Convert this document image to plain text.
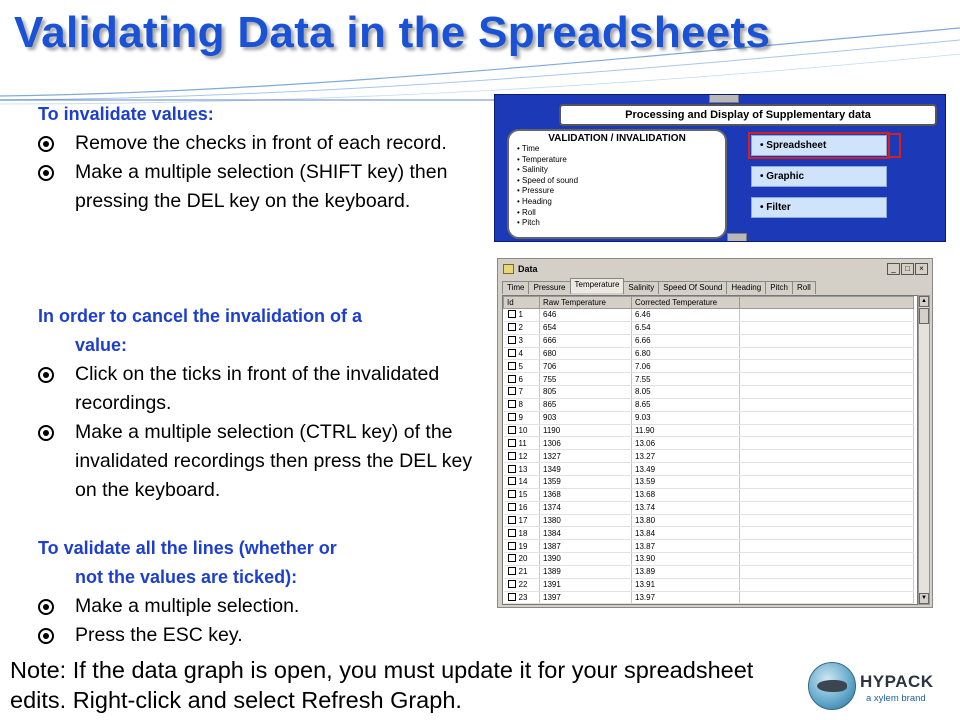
Validating Data in the Spreadsheets
To invalidate values:
Remove the checks in front of each record.
Make a multiple selection (SHIFT key) then pressing the DEL key on the keyboard.
In order to cancel the invalidation of a
value:
Click on the ticks in front of the invalidated recordings.
Make a multiple selection (CTRL key) of the invalidated recordings then press the DEL key on the keyboard.
To validate all the lines (whether or
not the values are ticked):
Make a multiple selection.
Press the ESC key.
Note: If the data graph is open, you must update it for your spreadsheet edits. Right-click and select Refresh Graph.
Processing and Display of Supplementary data
VALIDATION / INVALIDATION
• Time
• Temperature
• Salinity
• Speed of sound
• Pressure
• Heading
• Roll
• Pitch
• Spreadsheet
• Graphic
• Filter
Data	_	□	×
Time Pressure Temperature Salinity Speed Of Sound Heading Pitch Roll
Id	Raw Temperature	Corrected Temperature	
1	646	6.46	
2	654	6.54	
3	666	6.66	
4	680	6.80	
5	706	7.06	
6	755	7.55	
7	805	8.05	
8	865	8.65	
9	903	9.03	
10	1190	11.90	
11	1306	13.06	
12	1327	13.27	
13	1349	13.49	
14	1359	13.59	
15	1368	13.68	
16	1374	13.74	
17	1380	13.80	
18	1384	13.84	
19	1387	13.87	
20	1390	13.90	
21	1389	13.89	
22	1391	13.91	
23	1397	13.97	
▲
▼
HYPACK
a xylem brand
